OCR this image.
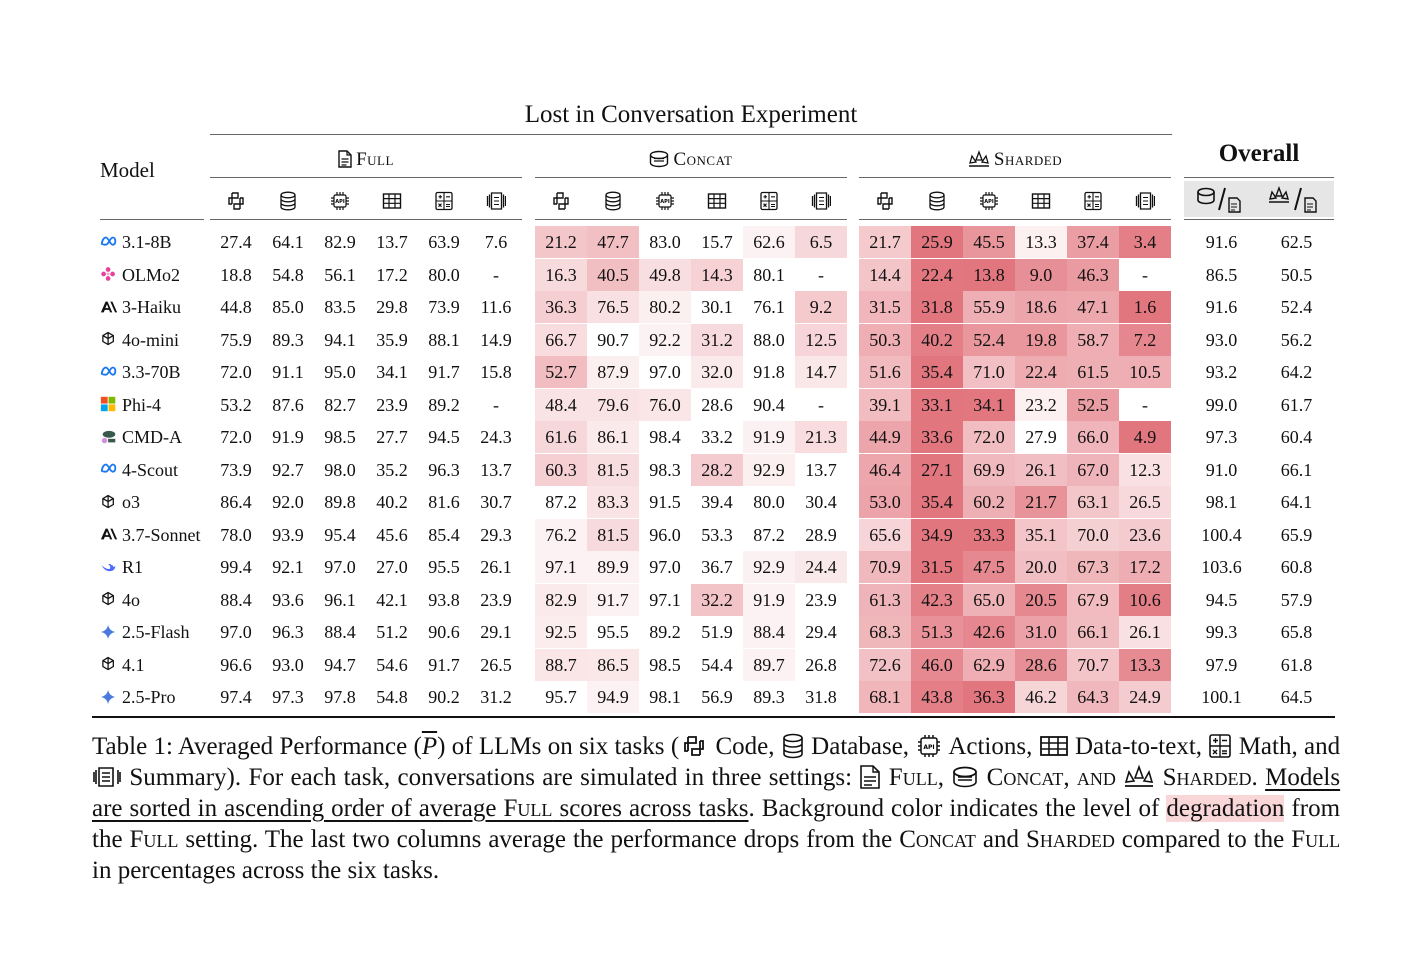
Lost in Conversation Experiment
Model	Full	Concat	Sharded	Overall
API	API	API
3.1-8B	27.4	64.1	82.9	13.7	63.9	7.6	21.2	47.7	83.0	15.7	62.6	6.5	21.7	25.9	45.5	13.3	37.4	3.4	91.6	62.5
OLMo2	18.8	54.8	56.1	17.2	80.0	-	16.3	40.5	49.8	14.3	80.1	-	14.4	22.4	13.8	9.0	46.3	-	86.5	50.5
3-Haiku	44.8	85.0	83.5	29.8	73.9	11.6	36.3	76.5	80.2	30.1	76.1	9.2	31.5	31.8	55.9	18.6	47.1	1.6	91.6	52.4
4o-mini	75.9	89.3	94.1	35.9	88.1	14.9	66.7	90.7	92.2	31.2	88.0	12.5	50.3	40.2	52.4	19.8	58.7	7.2	93.0	56.2
3.3-70B	72.0	91.1	95.0	34.1	91.7	15.8	52.7	87.9	97.0	32.0	91.8	14.7	51.6	35.4	71.0	22.4	61.5	10.5	93.2	64.2
Phi-4	53.2	87.6	82.7	23.9	89.2	-	48.4	79.6	76.0	28.6	90.4	-	39.1	33.1	34.1	23.2	52.5	-	99.0	61.7
CMD-A	72.0	91.9	98.5	27.7	94.5	24.3	61.6	86.1	98.4	33.2	91.9	21.3	44.9	33.6	72.0	27.9	66.0	4.9	97.3	60.4
4-Scout	73.9	92.7	98.0	35.2	96.3	13.7	60.3	81.5	98.3	28.2	92.9	13.7	46.4	27.1	69.9	26.1	67.0	12.3	91.0	66.1
o3	86.4	92.0	89.8	40.2	81.6	30.7	87.2	83.3	91.5	39.4	80.0	30.4	53.0	35.4	60.2	21.7	63.1	26.5	98.1	64.1
3.7-Sonnet	78.0	93.9	95.4	45.6	85.4	29.3	76.2	81.5	96.0	53.3	87.2	28.9	65.6	34.9	33.3	35.1	70.0	23.6	100.4	65.9
R1	99.4	92.1	97.0	27.0	95.5	26.1	97.1	89.9	97.0	36.7	92.9	24.4	70.9	31.5	47.5	20.0	67.3	17.2	103.6	60.8
4o	88.4	93.6	96.1	42.1	93.8	23.9	82.9	91.7	97.1	32.2	91.9	23.9	61.3	42.3	65.0	20.5	67.9	10.6	94.5	57.9
2.5-Flash	97.0	96.3	88.4	51.2	90.6	29.1	92.5	95.5	89.2	51.9	88.4	29.4	68.3	51.3	42.6	31.0	66.1	26.1	99.3	65.8
4.1	96.6	93.0	94.7	54.6	91.7	26.5	88.7	86.5	98.5	54.4	89.7	26.8	72.6	46.0	62.9	28.6	70.7	13.3	97.9	61.8
2.5-Pro	97.4	97.3	97.8	54.8	90.2	31.2	95.7	94.9	98.1	56.9	89.3	31.8	68.1	43.8	36.3	46.2	64.3	24.9	100.1	64.5
Table 1: Averaged Performance $(\overline{P})$ of LLMs on six tasks ( Code, Database, API Actions, Data-to-text, Math, and  Summary). For each task, conversations are simulated in three settings: Full, Concat, and Sharded. Models are sorted in ascending order of average Full scores across tasks. Background color indicates the level of degradation from the Full setting. The last two columns average the performance drops from the Concat and Sharded compared to the Full in percentages across the six tasks.
